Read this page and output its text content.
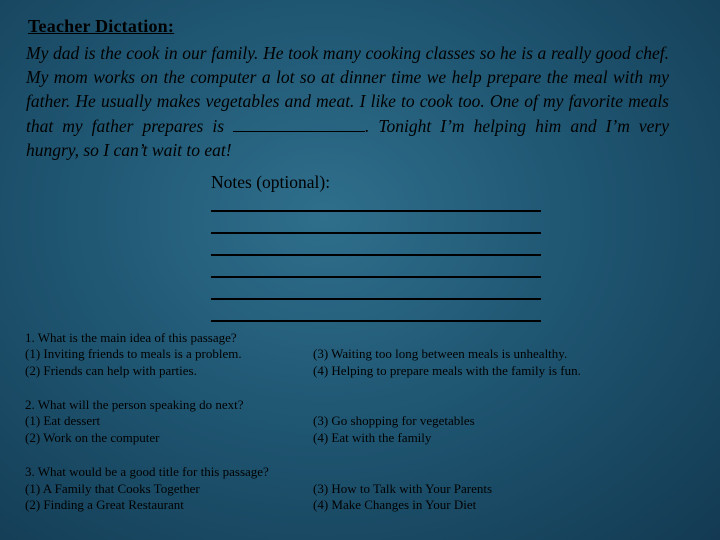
Teacher Dictation:
My dad is the cook in our family. He took many cooking classes so he is a really good chef. My mom works on the computer a lot so at dinner time we help prepare the meal with my father. He usually makes vegetables and meat. I like to cook too. One of my favorite meals that my father prepares is	. Tonight I’m helping him and I’m very hungry, so I can’t wait to eat!
Notes (optional):
1. What is the main idea of this passage?
(1) Inviting friends to meals is a problem.
(2) Friends can help with parties.
(3) Waiting too long between meals is unhealthy.
(4) Helping to prepare meals with the family is fun.
2. What will the person speaking do next?
(1) Eat dessert
(2) Work on the computer
(3) Go shopping for vegetables
(4) Eat with the family
3. What would be a good title for this passage?
(1) A Family that Cooks Together
(2) Finding a Great Restaurant
(3) How to Talk with Your Parents
(4) Make Changes in Your Diet
